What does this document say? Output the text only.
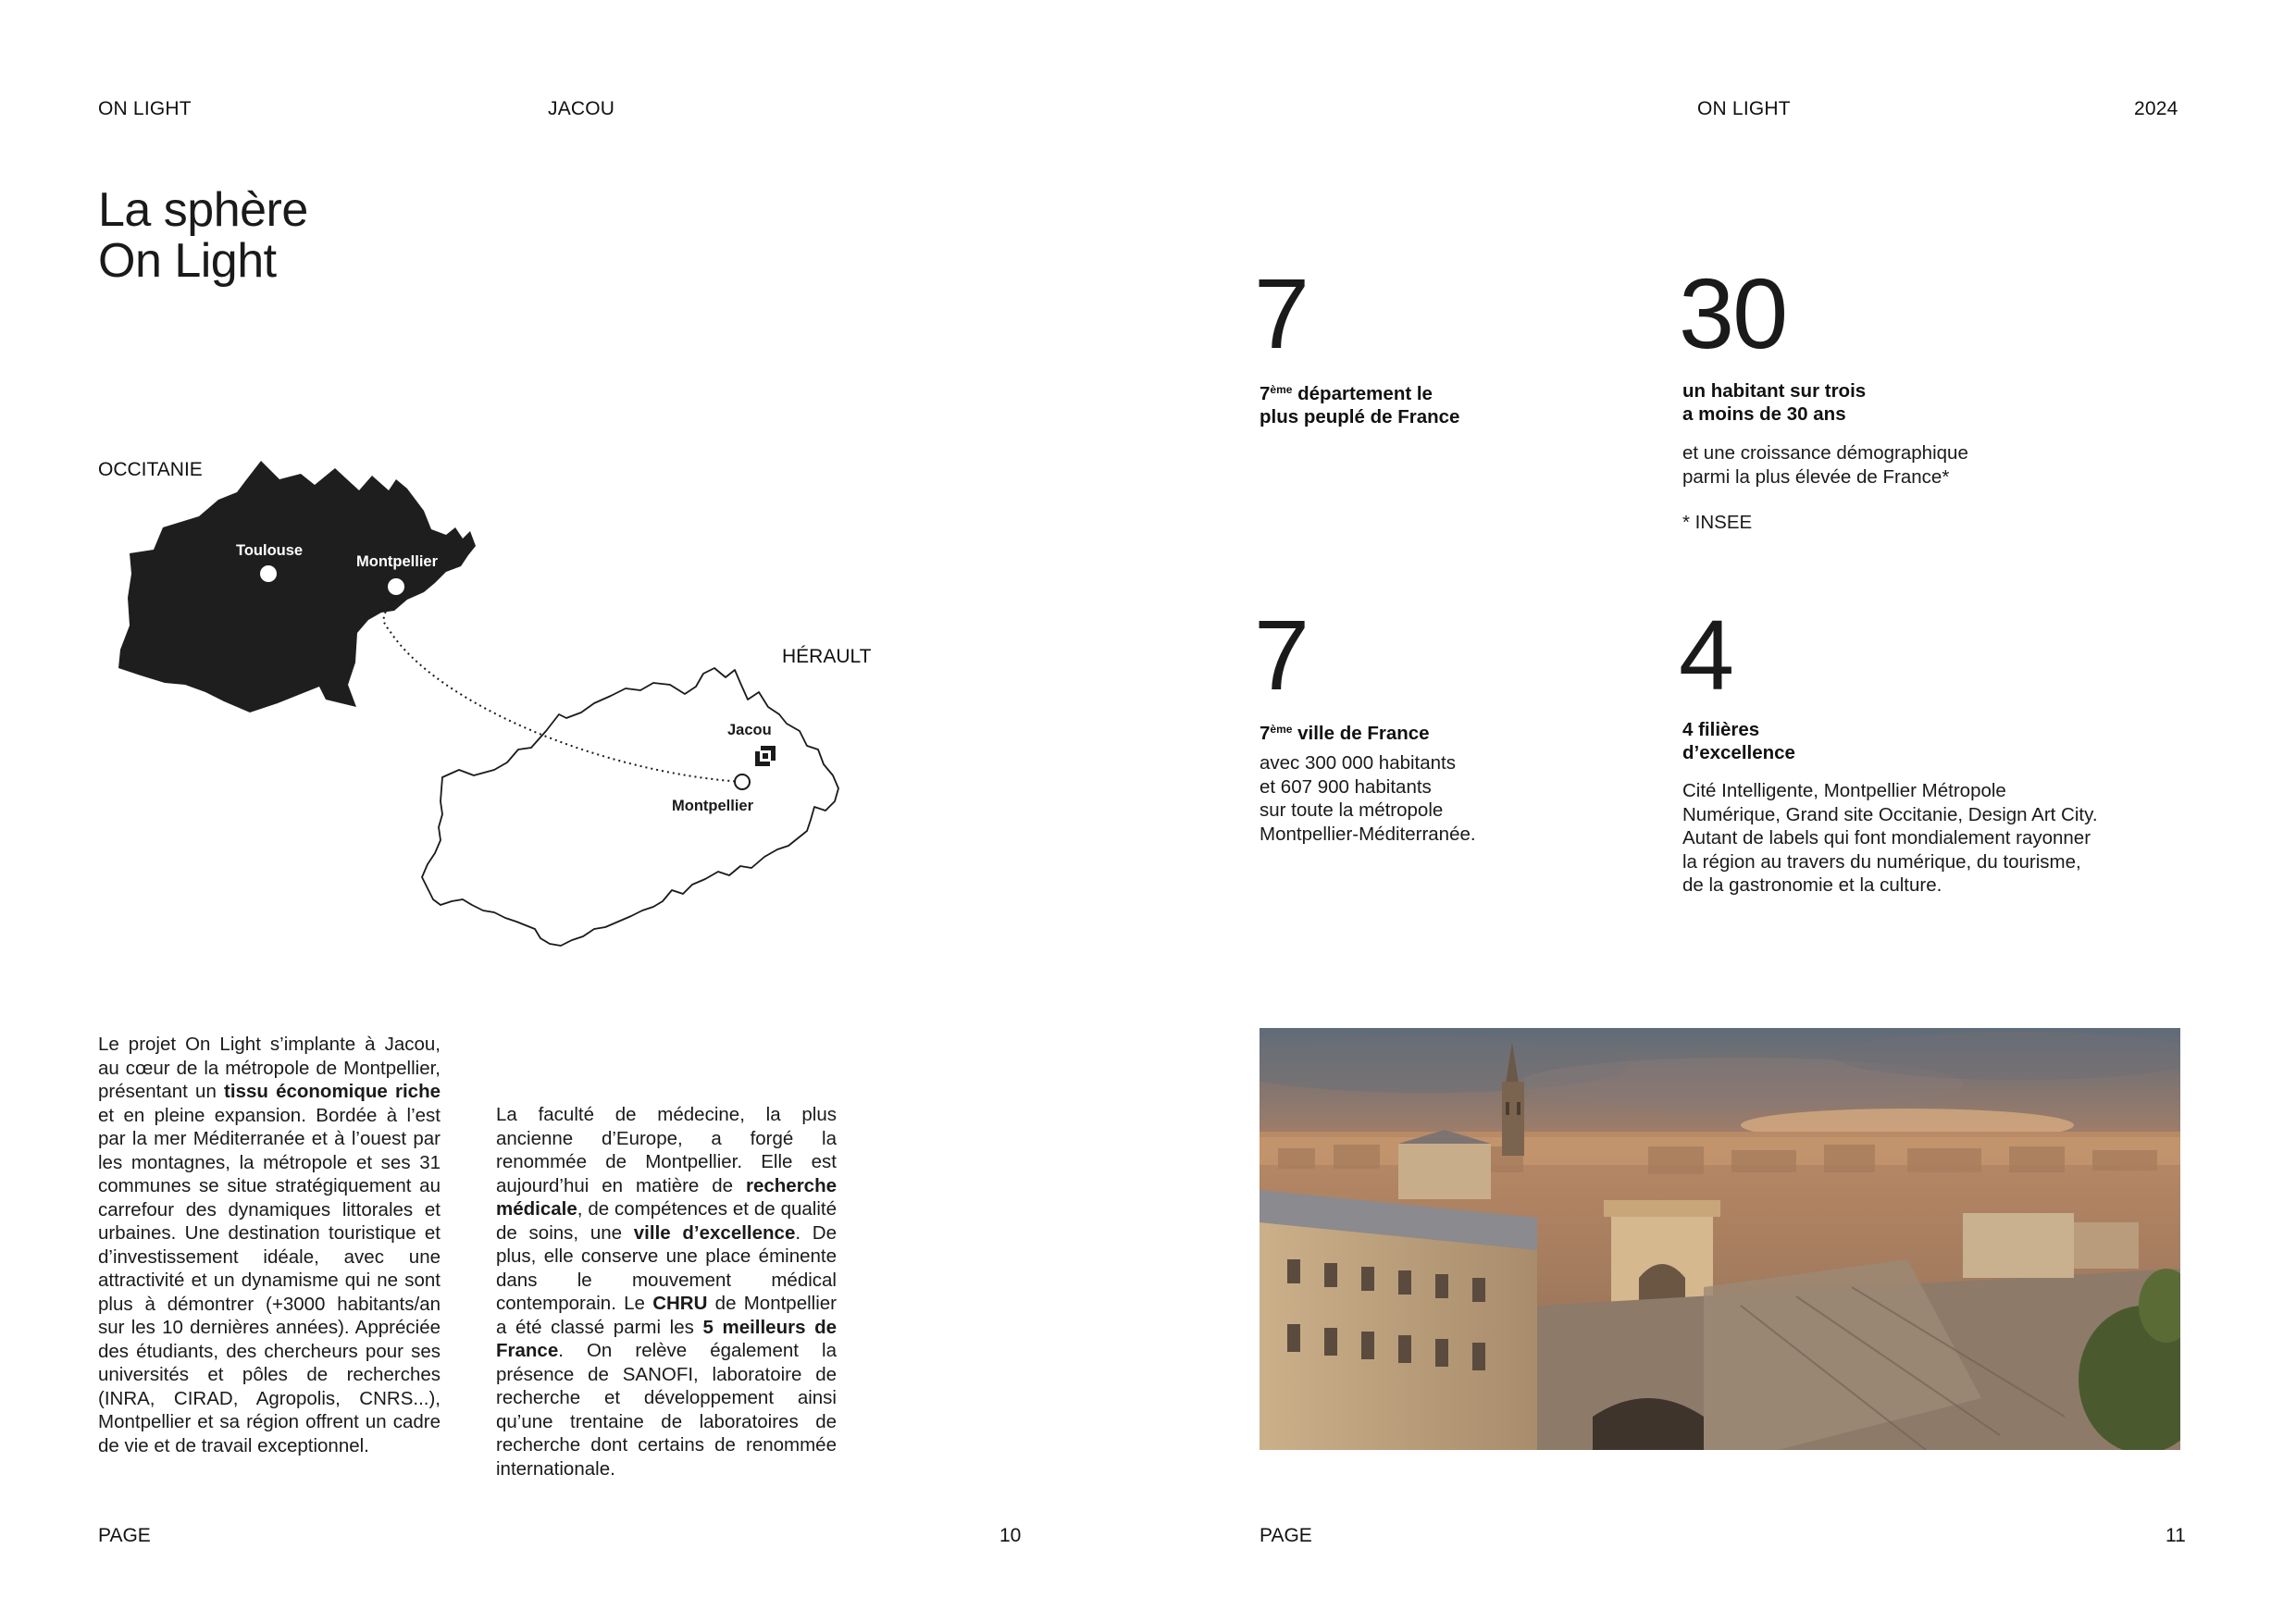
ON LIGHT	JACOU	ON LIGHT	2024
La sphère
On Light
OCCITANIE
HÉRAULT
Toulouse
Montpellier
Jacou
Montpellier
Le projet On Light s’implante à Jacou, au cœur de la métropole de Montpellier, présentant un tissu économique riche et en pleine expansion. Bordée à l’est par la mer Méditerranée et à l’ouest par les montagnes, la métropole et ses 31 communes se situe stratégiquement au carrefour des dynamiques littorales et urbaines. Une destination touristique et d’investissement idéale, avec une attractivité et un dynamisme qui ne sont plus à démontrer (+3000 habitants/an sur les 10 dernières années). Appréciée des étudiants, des chercheurs pour ses universités et pôles de recherches (INRA, CIRAD, Agropolis, CNRS...), Montpellier et sa région offrent un cadre de vie et de travail exceptionnel.
La faculté de médecine, la plus ancienne d’Europe, a forgé la renommée de Montpellier. Elle est aujourd’hui en matière de recherche médicale, de compétences et de qualité de soins, une ville d’excellence. De plus, elle conserve une place éminente dans le mouvement médical contemporain. Le CHRU de Montpellier a été classé parmi les 5 meilleurs de France. On relève également la présence de SANOFI, laboratoire de recherche et développement ainsi qu’une trentaine de laboratoires de recherche dont certains de renommée internationale.
7
7ème département le
plus peuplé de France
30
un habitant sur trois
a moins de 30 ans
et une croissance démographique
parmi la plus élevée de France*
* INSEE
7
7ème ville de France
avec 300 000 habitants
et 607 900 habitants
sur toute la métropole
Montpellier-Méditerranée.
4
4 filières
d’excellence
Cité Intelligente, Montpellier Métropole
Numérique, Grand site Occitanie, Design Art City.
Autant de labels qui font mondialement rayonner
la région au travers du numérique, du tourisme,
de la gastronomie et la culture.
PAGE	10	PAGE	11
